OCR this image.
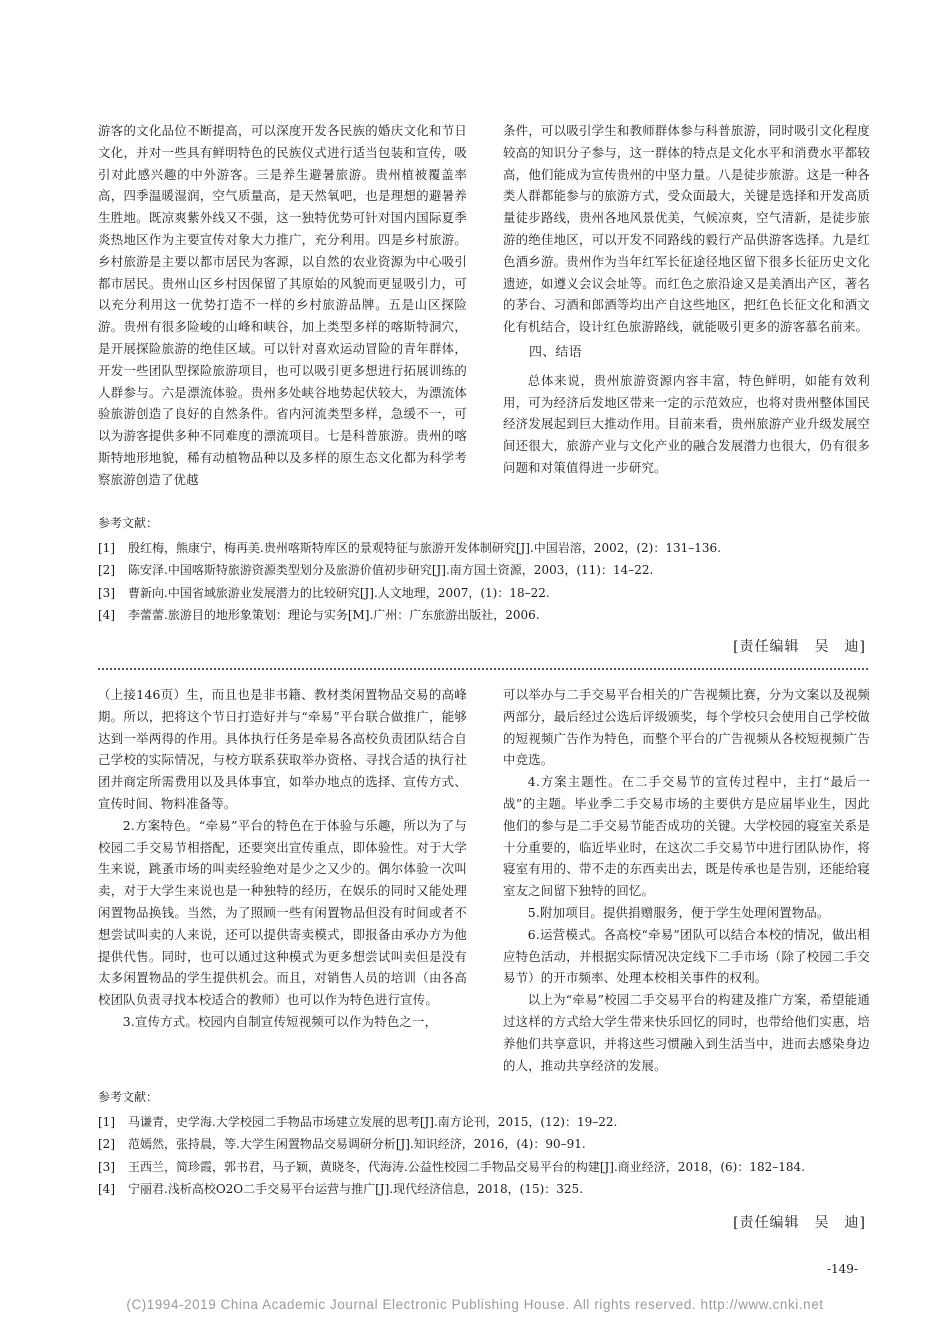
游客的文化品位不断提高，可以深度开发各民族的婚庆文化和节日文化，并对一些具有鲜明特色的民族仪式进行适当包装和宣传，吸引对此感兴趣的中外游客。三是养生避暑旅游。贵州植被覆盖率高，四季温暖湿润，空气质量高，是天然氧吧，也是理想的避暑养生胜地。既凉爽紫外线又不强，这一独特优势可针对国内国际夏季炎热地区作为主要宣传对象大力推广，充分利用。四是乡村旅游。乡村旅游是主要以都市居民为客源，以自然的农业资源为中心吸引都市居民。贵州山区乡村因保留了其原始的风貌而更显吸引力，可以充分利用这一优势打造不一样的乡村旅游品牌。五是山区探险游。贵州有很多险峻的山峰和峡谷，加上类型多样的喀斯特洞穴，是开展探险旅游的绝佳区域。可以针对喜欢运动冒险的青年群体，开发一些团队型探险旅游项目，也可以吸引更多想进行拓展训练的人群参与。六是漂流体验。贵州多处峡谷地势起伏较大，为漂流体验旅游创造了良好的自然条件。省内河流类型多样，急缓不一，可以为游客提供多种不同难度的漂流项目。七是科普旅游。贵州的喀斯特地形地貌，稀有动植物品种以及多样的原生态文化都为科学考察旅游创造了优越

条件，可以吸引学生和教师群体参与科普旅游，同时吸引文化程度较高的知识分子参与，这一群体的特点是文化水平和消费水平都较高，他们能成为宣传贵州的中坚力量。八是徒步旅游。这是一种各类人群都能参与的旅游方式，受众面最大，关键是选择和开发高质量徒步路线，贵州各地风景优美，气候凉爽，空气清新，是徒步旅游的绝佳地区，可以开发不同路线的毅行产品供游客选择。九是红色酒乡游。贵州作为当年红军长征途径地区留下很多长征历史文化遗迹，如遵义会议会址等。而红色之旅沿途又是美酒出产区，著名的茅台、习酒和郎酒等均出产自这些地区，把红色长征文化和酒文化有机结合，设计红色旅游路线，就能吸引更多的游客慕名前来。

四、结语

总体来说，贵州旅游资源内容丰富，特色鲜明，如能有效利用，可为经济后发地区带来一定的示范效应，也将对贵州整体国民经济发展起到巨大推动作用。目前来看，贵州旅游产业升级发展空间还很大，旅游产业与文化产业的融合发展潜力也很大，仍有很多问题和对策值得进一步研究。

参考文献：
[1]	殷红梅，熊康宁，梅再美.贵州喀斯特库区的景观特征与旅游开发体制研究[J].中国岩溶，2002，(2)：131–136.
[2]	陈安泽.中国喀斯特旅游资源类型划分及旅游价值初步研究[J].南方国土资源，2003，(11)：14–22.
[3]	曹新向.中国省域旅游业发展潜力的比较研究[J].人文地理，2007，(1)：18–22.
[4]	李蕾蕾.旅游目的地形象策划：理论与实务[M].广州：广东旅游出版社，2006.
[责任编辑　吴　迪]

（上接146页）生，而且也是非书籍、教材类闲置物品交易的高峰期。所以，把将这个节日打造好并与“牵易”平台联合做推广，能够达到一举两得的作用。具体执行任务是牵易各高校负责团队结合自己学校的实际情况，与校方联系获取举办资格、寻找合适的执行社团并商定所需费用以及具体事宜，如举办地点的选择、宣传方式、宣传时间、物料准备等。

2.方案特色。“牵易”平台的特色在于体验与乐趣，所以为了与校园二手交易节相搭配，还要突出宣传重点，即体验性。对于大学生来说，跳蚤市场的叫卖经验绝对是少之又少的。偶尔体验一次叫卖，对于大学生来说也是一种独特的经历，在娱乐的同时又能处理闲置物品换钱。当然，为了照顾一些有闲置物品但没有时间或者不想尝试叫卖的人来说，还可以提供寄卖模式，即报备由承办方为他提供代售。同时，也可以通过这种模式为更多想尝试叫卖但是没有太多闲置物品的学生提供机会。而且，对销售人员的培训（由各高校团队负责寻找本校适合的教师）也可以作为特色进行宣传。

3.宣传方式。校园内自制宣传短视频可以作为特色之一，

可以举办与二手交易平台相关的广告视频比赛，分为文案以及视频两部分，最后经过公选后评级颁奖，每个学校只会使用自己学校做的短视频广告作为特色，而整个平台的广告视频从各校短视频广告中竞选。

4.方案主题性。在二手交易节的宣传过程中，主打“最后一战”的主题。毕业季二手交易市场的主要供方是应届毕业生，因此他们的参与是二手交易节能否成功的关键。大学校园的寝室关系是十分重要的，临近毕业时，在这次二手交易节中进行团队协作，将寝室有用的、带不走的东西卖出去，既是传承也是告别，还能给寝室友之间留下独特的回忆。

5.附加项目。提供捐赠服务，便于学生处理闲置物品。

6.运营模式。各高校“牵易”团队可以结合本校的情况，做出相应特色活动，并根据实际情况决定线下二手市场（除了校园二手交易节）的开市频率、处理本校相关事件的权利。

以上为“牵易”校园二手交易平台的构建及推广方案，希望能通过这样的方式给大学生带来快乐回忆的同时，也带给他们实惠，培养他们共享意识，并将这些习惯融入到生活当中，进而去感染身边的人，推动共享经济的发展。

参考文献：
[1]	马谦青，史学海.大学校园二手物品市场建立发展的思考[J].南方论刊，2015，(12)：19–22.
[2]	范嫣然，张持晨，等.大学生闲置物品交易调研分析[J].知识经济，2016，(4)：90–91.
[3]	王西兰，简珍霞，郭书君，马子颖，黄晓冬，代海涛.公益性校园二手物品交易平台的构建[J].商业经济，2018，(6)：182–184.
[4]	宁丽君.浅析高校O2O二手交易平台运营与推广[J].现代经济信息，2018，(15)：325.
[责任编辑　吴　迪]
-149-
(C)1994-2019 China Academic Journal Electronic Publishing House. All rights reserved. http://www.cnki.net
